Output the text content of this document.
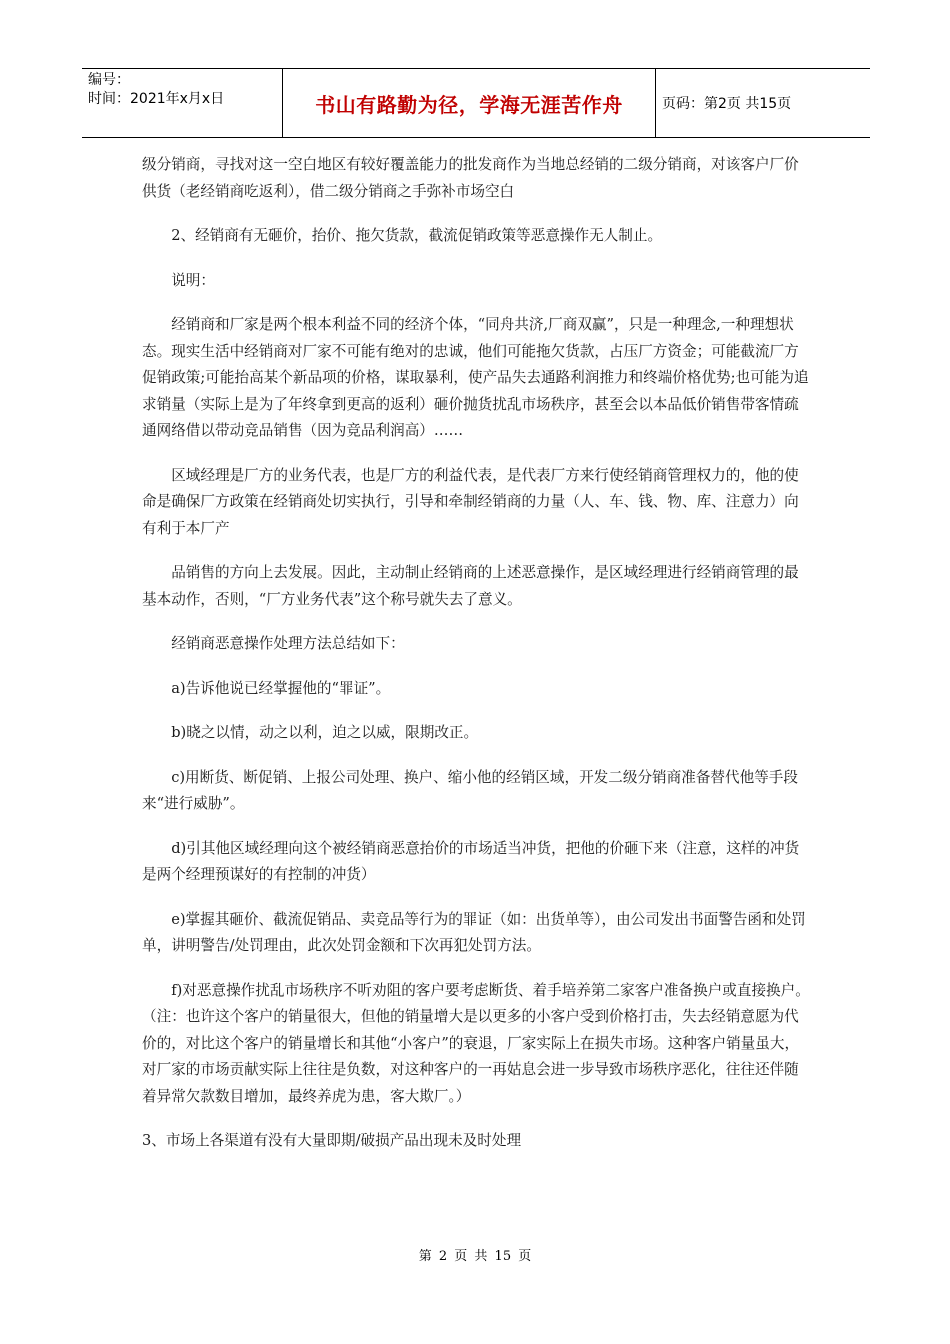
编号：
时间：2021年x月x日	书山有路勤为径，学海无涯苦作舟	页码：第2页 共15页

级分销商，寻找对这一空白地区有较好覆盖能力的批发商作为当地总经销的二级分销商，对该客户厂价供货（老经销商吃返利），借二级分销商之手弥补市场空白

2、经销商有无砸价，抬价、拖欠货款，截流促销政策等恶意操作无人制止。

说明：

经销商和厂家是两个根本利益不同的经济个体，“同舟共济,厂商双赢”，只是一种理念,一种理想状态。现实生活中经销商对厂家不可能有绝对的忠诚，他们可能拖欠货款，占压厂方资金；可能截流厂方促销政策;可能抬高某个新品项的价格，谋取暴利，使产品失去通路利润推力和终端价格优势;也可能为追求销量（实际上是为了年终拿到更高的返利）砸价抛货扰乱市场秩序，甚至会以本品低价销售带客情疏通网络借以带动竞品销售（因为竞品利润高）……

区域经理是厂方的业务代表，也是厂方的利益代表，是代表厂方来行使经销商管理权力的，他的使命是确保厂方政策在经销商处切实执行，引导和牵制经销商的力量（人、车、钱、物、库、注意力）向有利于本厂产

品销售的方向上去发展。因此，主动制止经销商的上述恶意操作，是区域经理进行经销商管理的最基本动作，否则，“厂方业务代表”这个称号就失去了意义。

经销商恶意操作处理方法总结如下：

a)告诉他说已经掌握他的“罪证”。

b)晓之以情，动之以利，迫之以威，限期改正。

c)用断货、断促销、上报公司处理、换户、缩小他的经销区域，开发二级分销商准备替代他等手段来“进行威胁”。

d)引其他区域经理向这个被经销商恶意抬价的市场适当冲货，把他的价砸下来（注意，这样的冲货是两个经理预谋好的有控制的冲货）

e)掌握其砸价、截流促销品、卖竞品等行为的罪证（如：出货单等），由公司发出书面警告函和处罚单，讲明警告/处罚理由，此次处罚金额和下次再犯处罚方法。

f)对恶意操作扰乱市场秩序不听劝阻的客户要考虑断货、着手培养第二家客户准备换户或直接换户。（注：也许这个客户的销量很大，但他的销量增大是以更多的小客户受到价格打击，失去经销意愿为代价的，对比这个客户的销量增长和其他“小客户”的衰退，厂家实际上在损失市场。这种客户销量虽大，对厂家的市场贡献实际上往往是负数，对这种客户的一再姑息会进一步导致市场秩序恶化，往往还伴随着异常欠款数目增加，最终养虎为患，客大欺厂。）

3、市场上各渠道有没有大量即期/破损产品出现未及时处理

第 2 页 共 15 页
